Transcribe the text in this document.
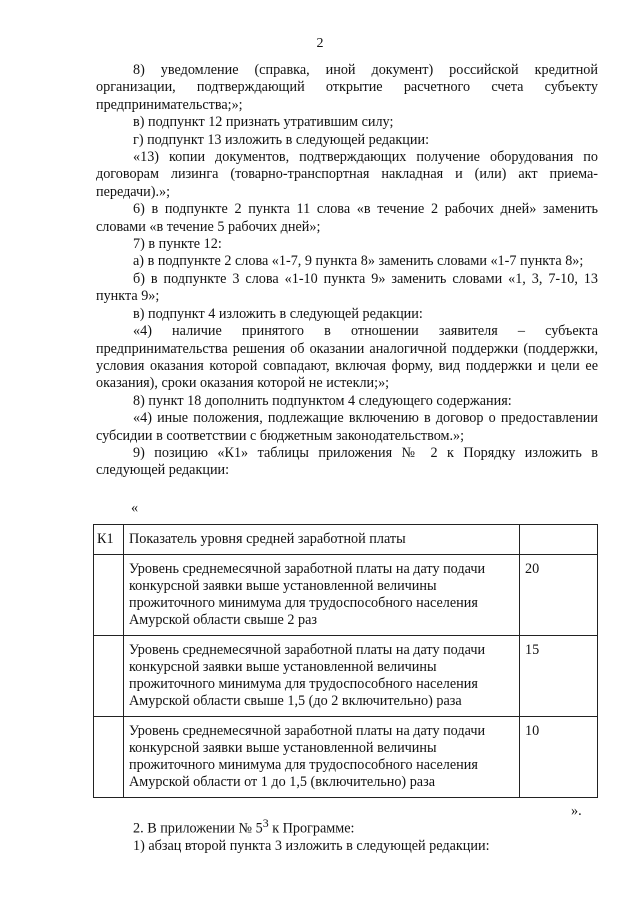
2

8) уведомление (справка, иной документ) российской кредитной организации, подтверждающий открытие расчетного счета субъекту предпринимательства;»;

в) подпункт 12 признать утратившим силу;

г) подпункт 13 изложить в следующей редакции:

«13) копии документов, подтверждающих получение оборудования по договорам лизинга (товарно-транспортная накладная и (или) акт приема-передачи).»;

6) в подпункте 2 пункта 11 слова «в течение 2 рабочих дней» заменить словами «в течение 5 рабочих дней»;

7) в пункте 12:

а) в подпункте 2 слова «1-7, 9 пункта 8» заменить словами «1-7 пункта 8»;

б) в подпункте 3 слова «1-10 пункта 9» заменить словами «1, 3, 7-10, 13 пункта 9»;

в) подпункт 4 изложить в следующей редакции:

«4) наличие принятого в отношении заявителя – субъекта предпринимательства решения об оказании аналогичной поддержки (поддержки, условия оказания которой совпадают, включая форму, вид поддержки и цели ее оказания), сроки оказания которой не истекли;»;

8) пункт 18 дополнить подпунктом 4 следующего содержания:

«4) иные положения, подлежащие включению в договор о предоставлении субсидии в соответствии с бюджетным законодательством.»;

9) позицию «К1» таблицы приложения № 2 к Порядку изложить в следующей редакции:

«
К1	Показатель уровня средней заработной платы	
	Уровень среднемесячной заработной платы на дату подачи конкурсной заявки выше установленной величины прожиточного минимума для трудоспособного населения Амурской области свыше 2 раз	20
	Уровень среднемесячной заработной платы на дату подачи конкурсной заявки выше установленной величины прожиточного минимума для трудоспособного населения Амурской области свыше 1,5 (до 2 включительно) раза	15
	Уровень среднемесячной заработной платы на дату подачи конкурсной заявки выше установленной величины прожиточного минимума для трудоспособного населения Амурской области от 1 до 1,5 (включительно) раза	10
».

2. В приложении № $5^3$ к Программе:

1) абзац второй пункта 3 изложить в следующей редакции:
